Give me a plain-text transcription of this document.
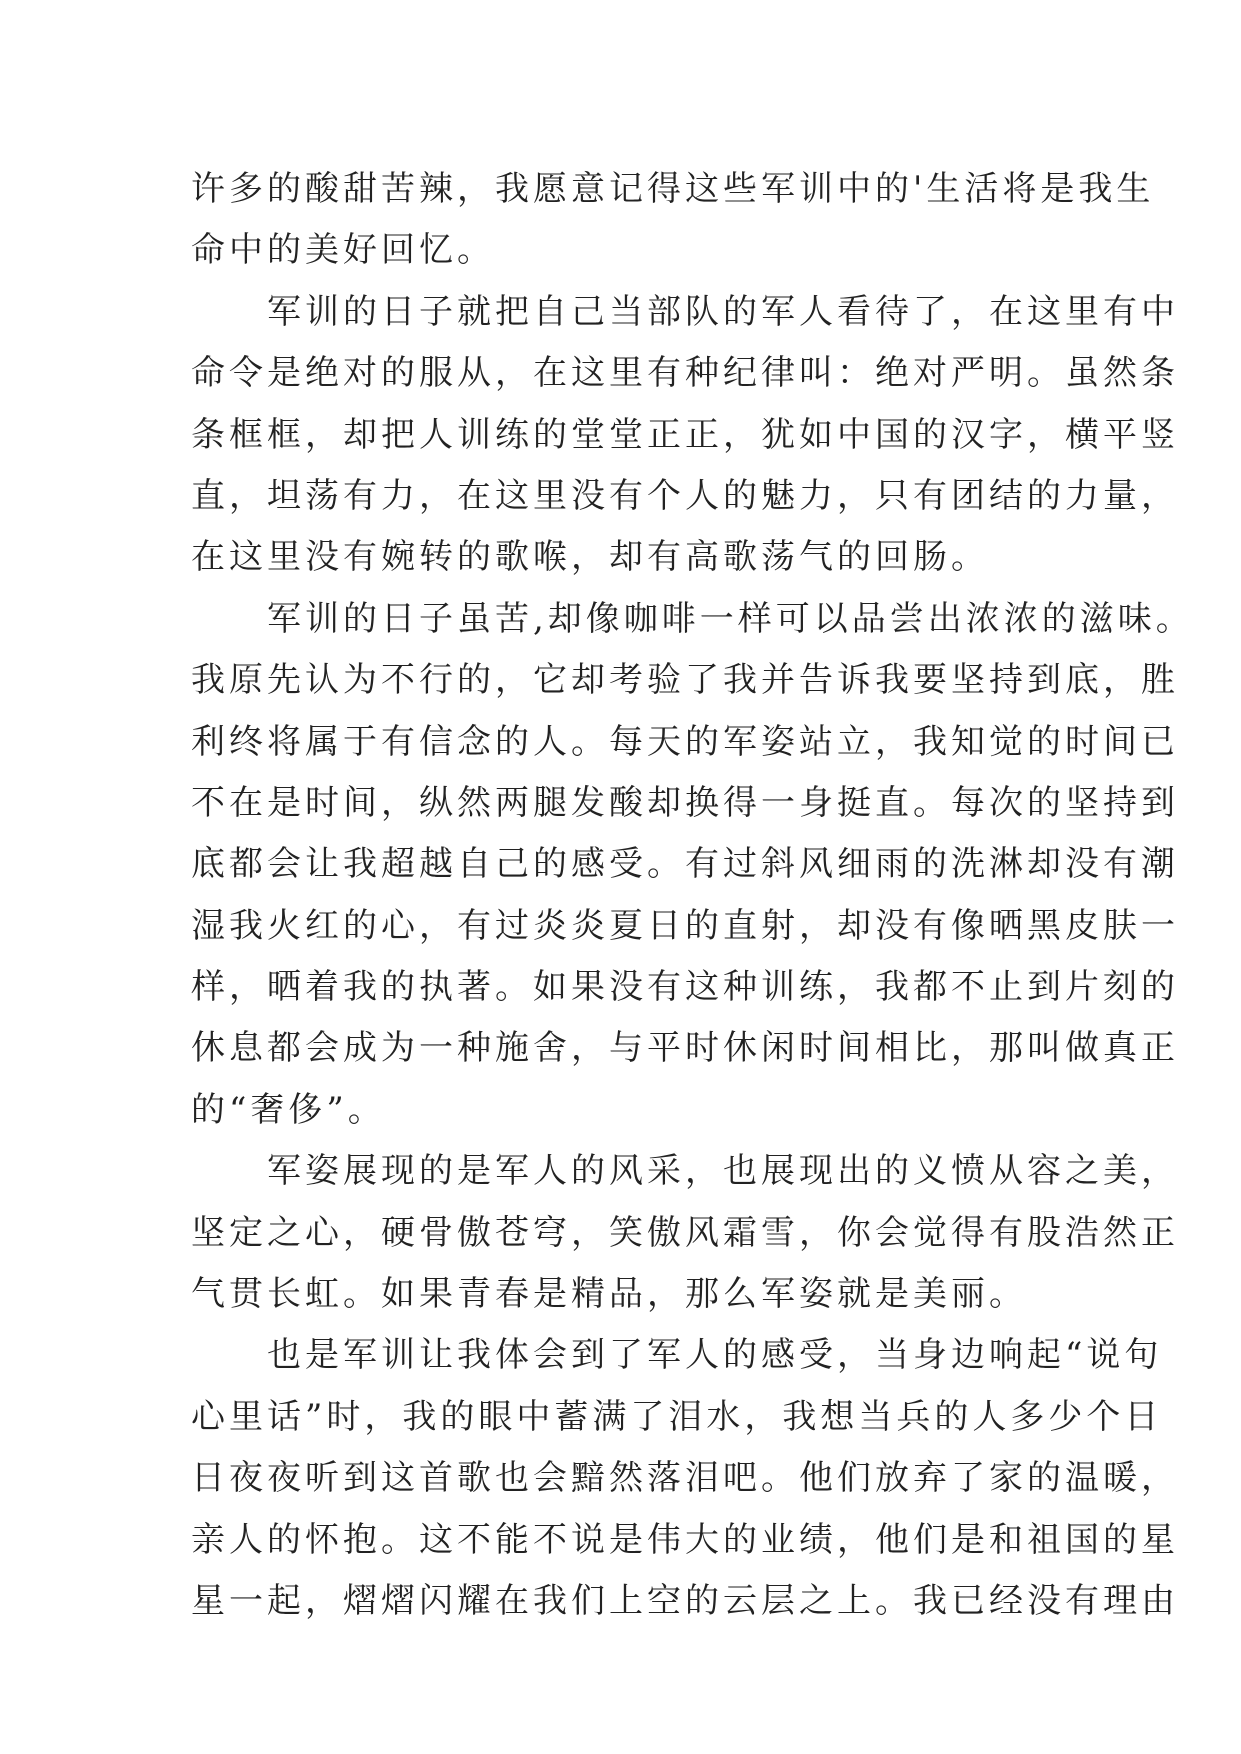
许多的酸甜苦辣，我愿意记得这些军训中的'生活将是我生
命中的美好回忆。
　　军训的日子就把自己当部队的军人看待了，在这里有中
命令是绝对的服从，在这里有种纪律叫：绝对严明。虽然条
条框框，却把人训练的堂堂正正，犹如中国的汉字，横平竖
直，坦荡有力，在这里没有个人的魅力，只有团结的力量，
在这里没有婉转的歌喉，却有高歌荡气的回肠。
　　军训的日子虽苦,却像咖啡一样可以品尝出浓浓的滋味。
我原先认为不行的，它却考验了我并告诉我要坚持到底，胜
利终将属于有信念的人。每天的军姿站立，我知觉的时间已
不在是时间，纵然两腿发酸却换得一身挺直。每次的坚持到
底都会让我超越自己的感受。有过斜风细雨的洗淋却没有潮
湿我火红的心，有过炎炎夏日的直射，却没有像晒黑皮肤一
样，晒着我的执著。如果没有这种训练，我都不止到片刻的
休息都会成为一种施舍，与平时休闲时间相比，那叫做真正
的“奢侈”。
　　军姿展现的是军人的风采，也展现出的义愤从容之美，
坚定之心，硬骨傲苍穹，笑傲风霜雪，你会觉得有股浩然正
气贯长虹。如果青春是精品，那么军姿就是美丽。
　　也是军训让我体会到了军人的感受，当身边响起“说句
心里话”时，我的眼中蓄满了泪水，我想当兵的人多少个日
日夜夜听到这首歌也会黯然落泪吧。他们放弃了家的温暖，
亲人的怀抱。这不能不说是伟大的业绩，他们是和祖国的星
星一起，熠熠闪耀在我们上空的云层之上。我已经没有理由
